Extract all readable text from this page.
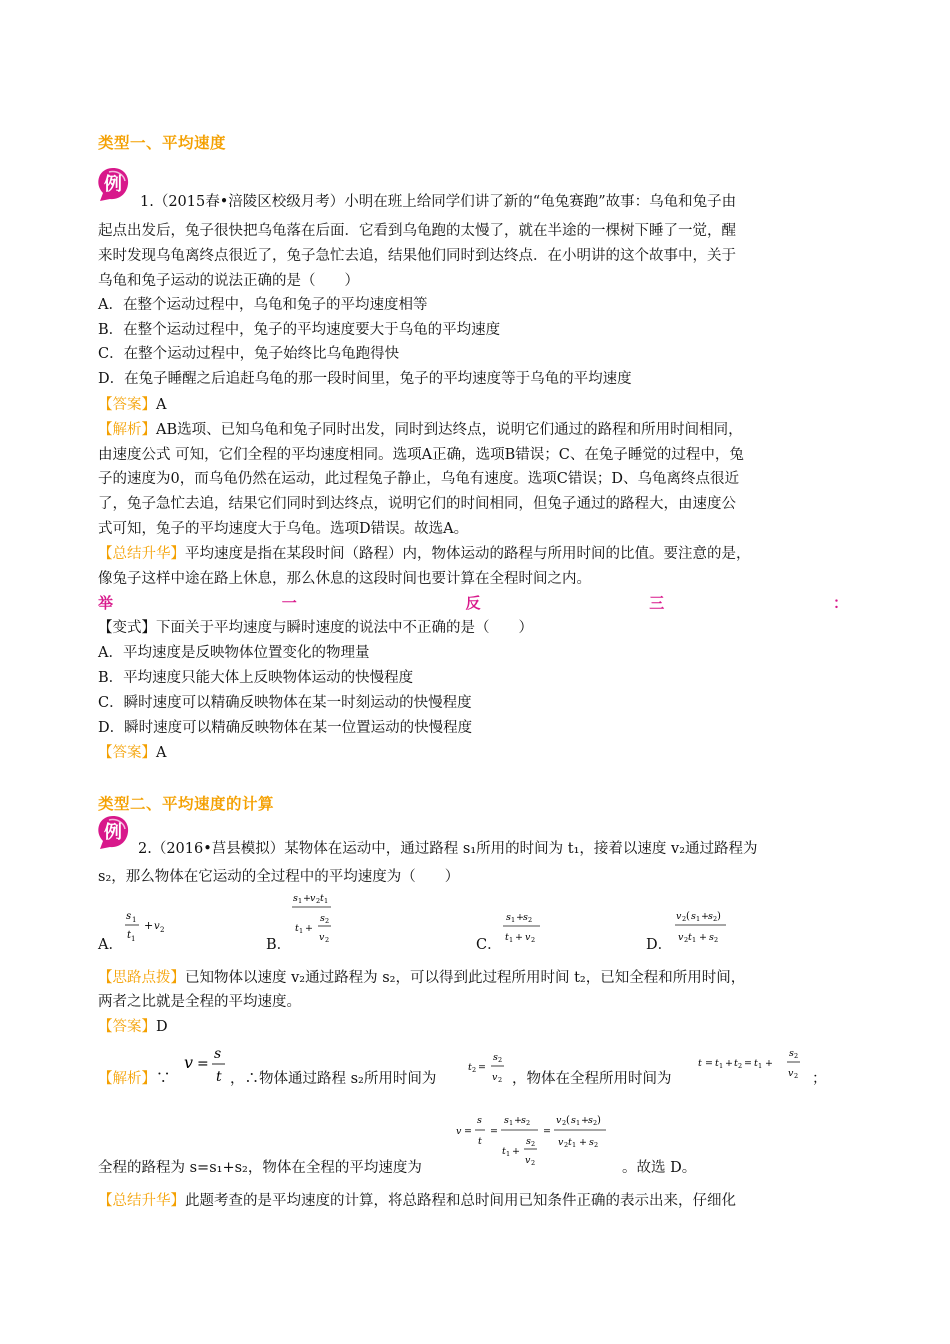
类型一、平均速度
例
1.（2015春•涪陵区校级月考）小明在班上给同学们讲了新的“龟兔赛跑”故事：乌龟和兔子由
起点出发后，兔子很快把乌龟落在后面．它看到乌龟跑的太慢了，就在半途的一棵树下睡了一觉，醒
来时发现乌龟离终点很近了，兔子急忙去追，结果他们同时到达终点．在小明讲的这个故事中，关于
乌龟和兔子运动的说法正确的是（　　）
A．在整个运动过程中，乌龟和兔子的平均速度相等
B．在整个运动过程中，兔子的平均速度要大于乌龟的平均速度
C．在整个运动过程中，兔子始终比乌龟跑得快
D．在兔子睡醒之后追赶乌龟的那一段时间里，兔子的平均速度等于乌龟的平均速度
【答案】A
【解析】AB选项、已知乌龟和兔子同时出发，同时到达终点，说明它们通过的路程和所用时间相同，
由速度公式 可知，它们全程的平均速度相同。选项A正确，选项B错误；C、在兔子睡觉的过程中，兔
子的速度为0，而乌龟仍然在运动，此过程兔子静止，乌龟有速度。选项C错误；D、乌龟离终点很近
了，兔子急忙去追，结果它们同时到达终点，说明它们的时间相同，但兔子通过的路程大，由速度公
式可知，兔子的平均速度大于乌龟。选项D错误。故选A。
【总结升华】平均速度是指在某段时间（路程）内，物体运动的路程与所用时间的比值。要注意的是，
像兔子这样中途在路上休息，那么休息的这段时间也要计算在全程时间之内。
举	一	反	三	：
【变式】下面关于平均速度与瞬时速度的说法中不正确的是（　　）
A．平均速度是反映物体位置变化的物理量
B．平均速度只能大体上反映物体运动的快慢程度
C．瞬时速度可以精确反映物体在某一时刻运动的快慢程度
D．瞬时速度可以精确反映物体在某一位置运动的快慢程度
【答案】A
类型二、平均速度的计算
例
2.（2016•莒县模拟）某物体在运动中，通过路程 s₁所用的时间为 t₁，接着以速度 v₂通过路程为
s₂，那么物体在它运动的全过程中的平均速度为（　　）
A．
s 1
t 1
+ v 2
B．
s 1 + v 2 t 1
t 1 +
s 2
v 2	C．
s 1 + s 2
t 1 + v 2	D．
v 2 ( s 1 + s 2 )
v 2 t 1 + s 2
【思路点拨】已知物体以速度 v₂通过路程为 s₂，可以得到此过程所用时间 t₂，已知全程和所用时间，
两者之比就是全程的平均速度。
【答案】D
【解析】∵
v =
s
t ，∴物体通过路程 s₂所用时间为
t 2 =
s 2
v 2 ，物体在全程所用时间为
t = t 1 + t 2 = t 1 +
s 2
v 2 ；
v =
s
t
=
s 1 + s 2
t 1 +
s 2
v 2
=
v 2 ( s 1 + s 2 )
v 2 t 1 + s 2
全程的路程为 s=s₁+s₂，物体在全程的平均速度为	。故选 D。
【总结升华】此题考查的是平均速度的计算，将总路程和总时间用已知条件正确的表示出来，仔细化
